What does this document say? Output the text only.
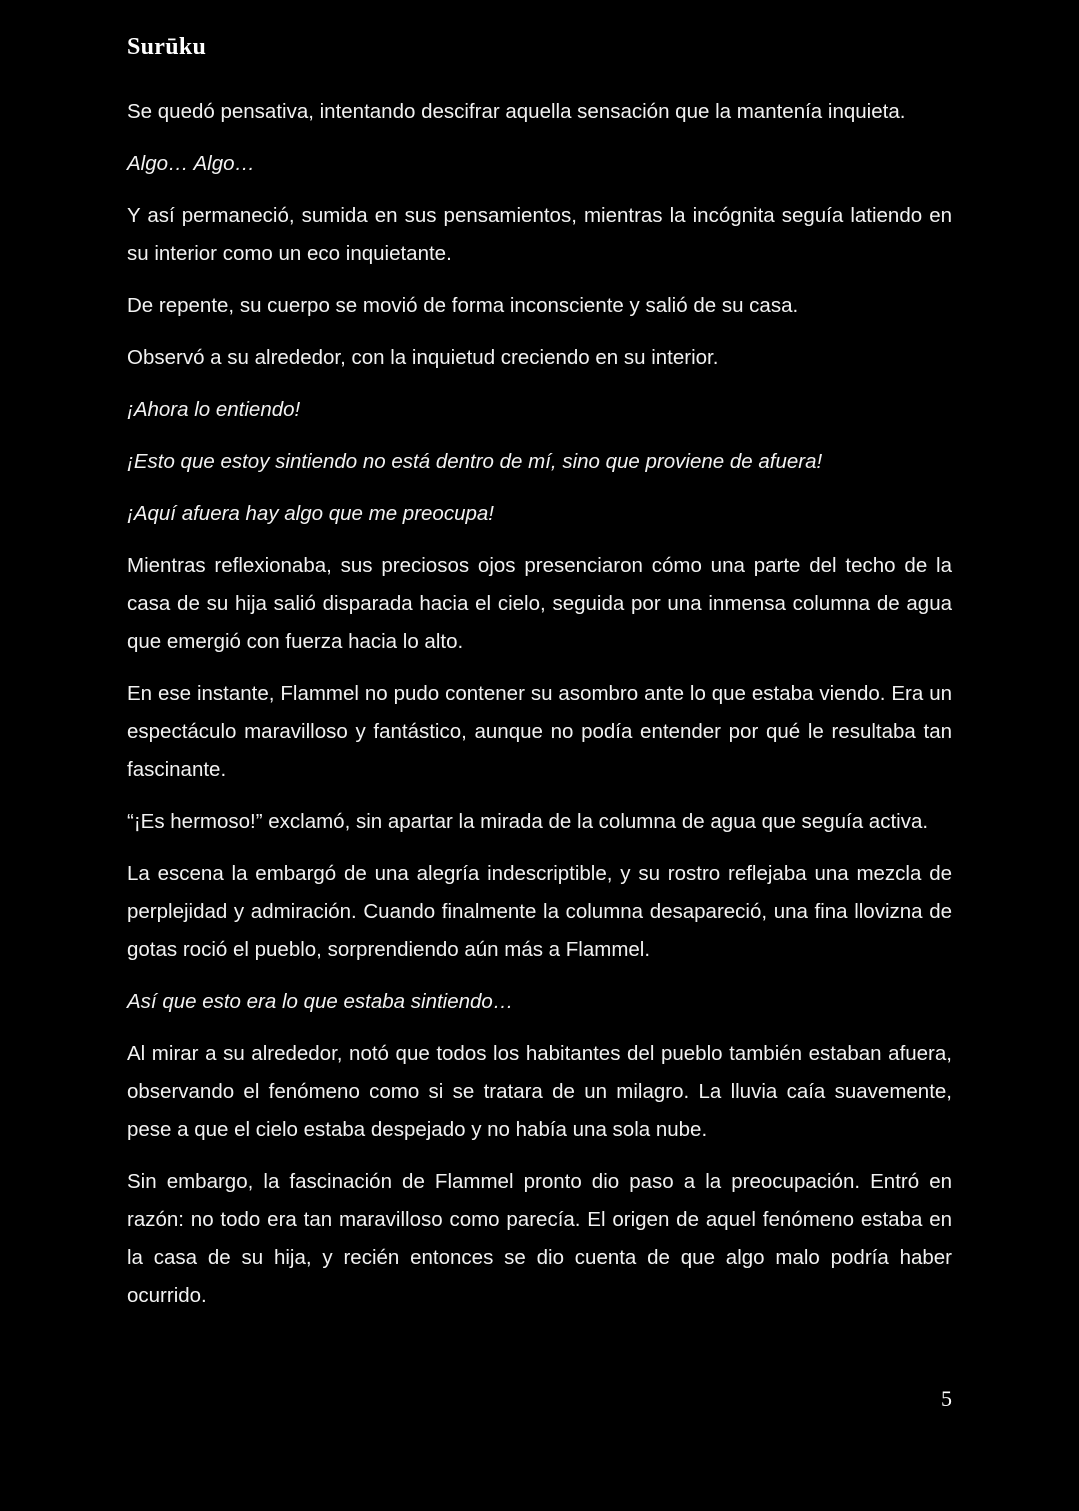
Surūku

Se quedó pensativa, intentando descifrar aquella sensación que la mantenía inquieta.

Algo… Algo…

Y así permaneció, sumida en sus pensamientos, mientras la incógnita seguía latiendo en su interior como un eco inquietante.

De repente, su cuerpo se movió de forma inconsciente y salió de su casa.

Observó a su alrededor, con la inquietud creciendo en su interior.

¡Ahora lo entiendo!

¡Esto que estoy sintiendo no está dentro de mí, sino que proviene de afuera!

¡Aquí afuera hay algo que me preocupa!

Mientras reflexionaba, sus preciosos ojos presenciaron cómo una parte del techo de la casa de su hija salió disparada hacia el cielo, seguida por una inmensa columna de agua que emergió con fuerza hacia lo alto.

En ese instante, Flammel no pudo contener su asombro ante lo que estaba viendo. Era un espectáculo maravilloso y fantástico, aunque no podía entender por qué le resultaba tan fascinante.

“¡Es hermoso!” exclamó, sin apartar la mirada de la columna de agua que seguía activa.

La escena la embargó de una alegría indescriptible, y su rostro reflejaba una mezcla de perplejidad y admiración. Cuando finalmente la columna desapareció, una fina llovizna de gotas roció el pueblo, sorprendiendo aún más a Flammel.

Así que esto era lo que estaba sintiendo…

Al mirar a su alrededor, notó que todos los habitantes del pueblo también estaban afuera, observando el fenómeno como si se tratara de un milagro. La lluvia caía suavemente, pese a que el cielo estaba despejado y no había una sola nube.

Sin embargo, la fascinación de Flammel pronto dio paso a la preocupación. Entró en razón: no todo era tan maravilloso como parecía. El origen de aquel fenómeno estaba en la casa de su hija, y recién entonces se dio cuenta de que algo malo podría haber ocurrido.

5
